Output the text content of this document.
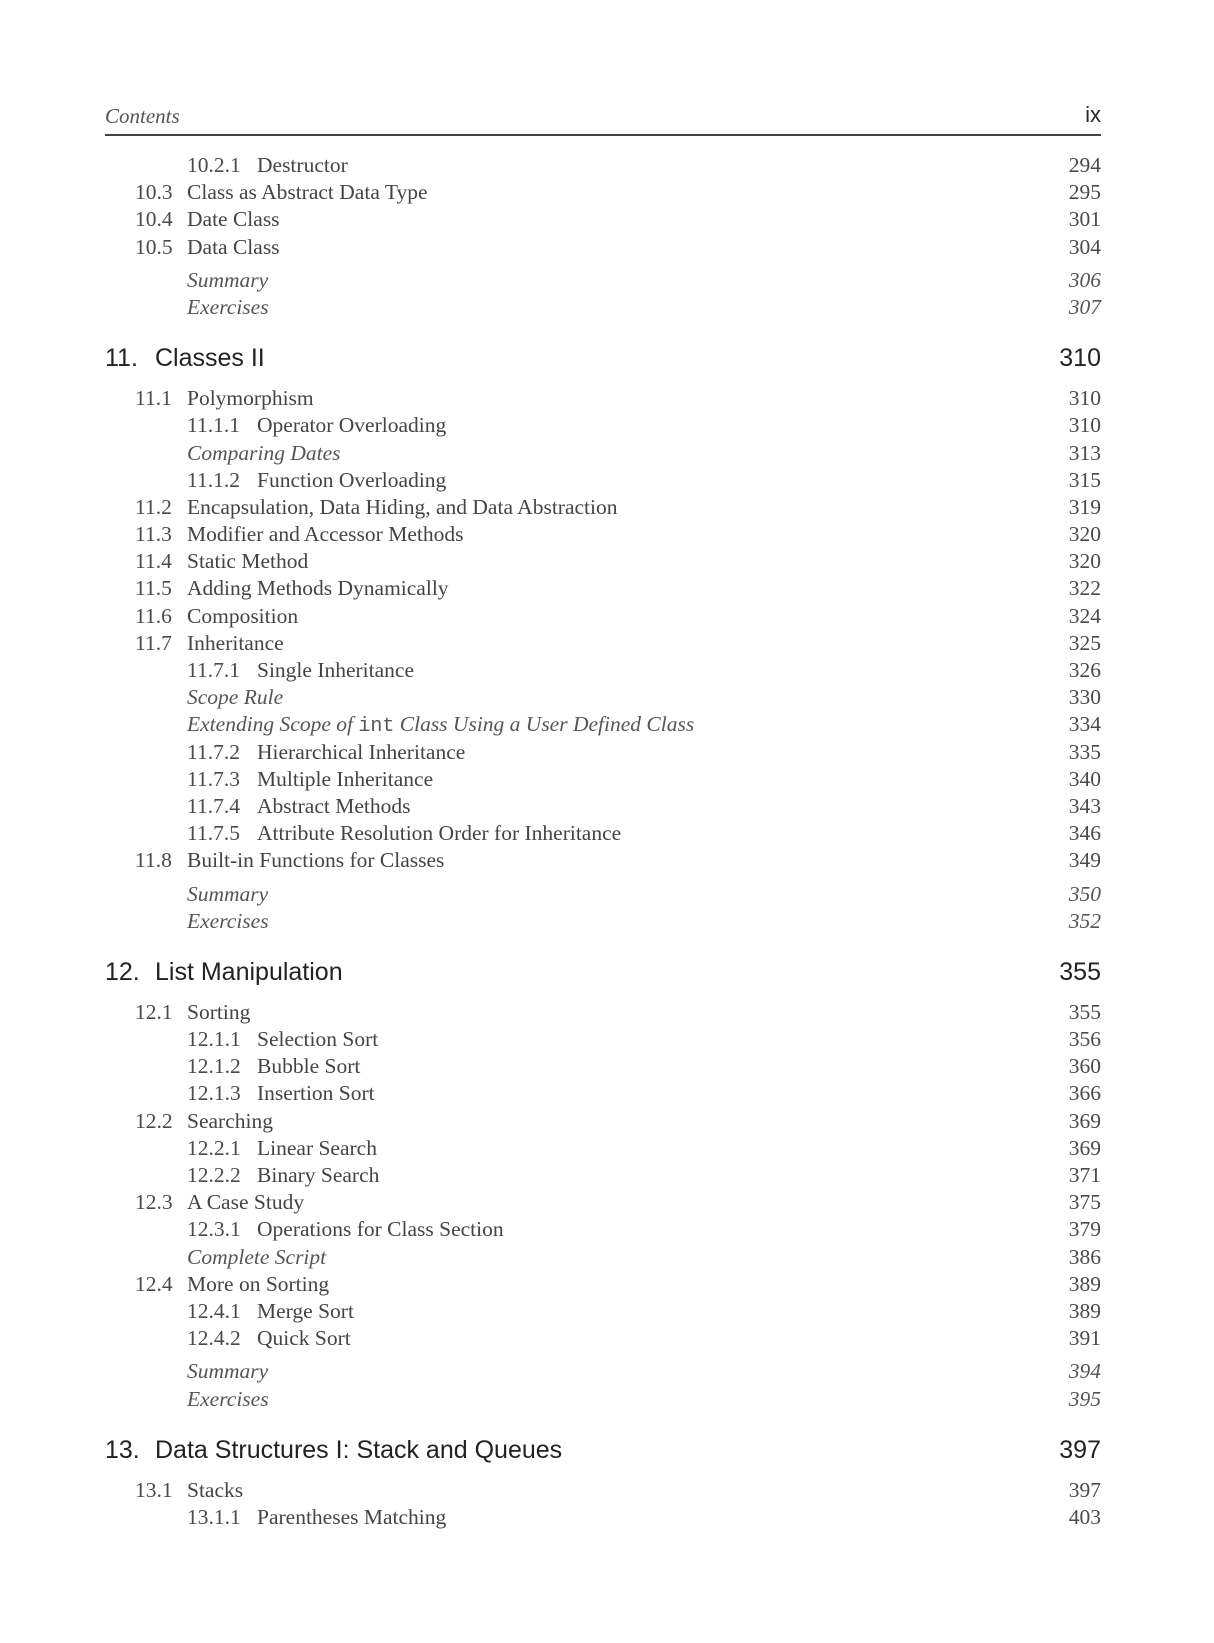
Contents	ix
10.2.1 Destructor	294
10.3 Class as Abstract Data Type	295
10.4 Date Class	301
10.5 Data Class	304
Summary	306
Exercises	307
11. Classes II	310
11.1 Polymorphism	310
11.1.1 Operator Overloading	310
Comparing Dates	313
11.1.2 Function Overloading	315
11.2 Encapsulation, Data Hiding, and Data Abstraction	319
11.3 Modifier and Accessor Methods	320
11.4 Static Method	320
11.5 Adding Methods Dynamically	322
11.6 Composition	324
11.7 Inheritance	325
11.7.1 Single Inheritance	326
Scope Rule	330
Extending Scope of int Class Using a User Defined Class	334
11.7.2 Hierarchical Inheritance	335
11.7.3 Multiple Inheritance	340
11.7.4 Abstract Methods	343
11.7.5 Attribute Resolution Order for Inheritance	346
11.8 Built-in Functions for Classes	349
Summary	350
Exercises	352
12. List Manipulation	355
12.1 Sorting	355
12.1.1 Selection Sort	356
12.1.2 Bubble Sort	360
12.1.3 Insertion Sort	366
12.2 Searching	369
12.2.1 Linear Search	369
12.2.2 Binary Search	371
12.3 A Case Study	375
12.3.1 Operations for Class Section	379
Complete Script	386
12.4 More on Sorting	389
12.4.1 Merge Sort	389
12.4.2 Quick Sort	391
Summary	394
Exercises	395
13. Data Structures I: Stack and Queues	397
13.1 Stacks	397
13.1.1 Parentheses Matching	403
